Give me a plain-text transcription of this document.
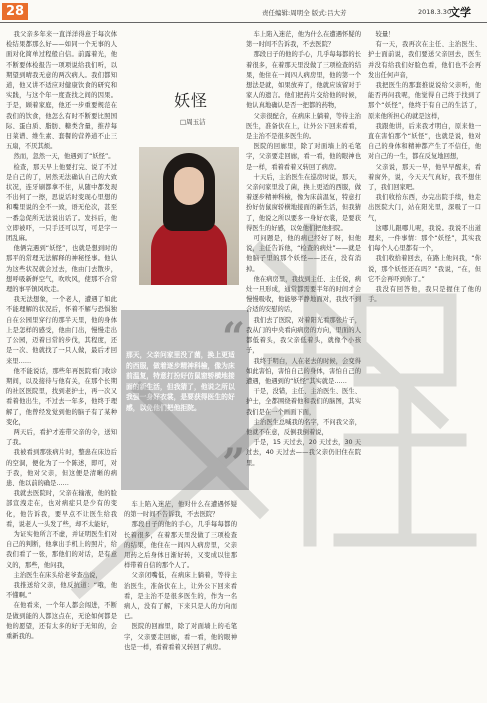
28	责任编辑:周明全 版式:吕大芳	2018.3.30
文学

我父亲多年来一直洋洋得意于每次体检结果都那么好——如同一个无事的人面对化简单过程般自信。前露着光，他不断要体检报告一项项说给我们听，以期望到晴我无意的两次病人。我们都知道，他又讲不适应对健康饮食的研究和实践，与这个年一度查找之间的因果。于是，顾着家庭，他还一步重要规范在我们的饮食，他怎么有时不断要比照国际、蛋白质、脂肪、糖类含量，推荐每日菜谱、维生素、套餐的营养道不止三五扇，不厌其烦。

然而，忽然一天，他遇到了“妖怪”。

检查，那天早上他要打完、说了不过是自己的了，居然无法确认自己的大致状况，连牙刷都拿不住，从随中都发现不出何了一擦，思说话时变现心里想的和嘴里说的全不一致，语无伦次，甚至一番急促所无法说出话了。发抖后，他立即被吓，一只手还可以写，可是字一团乱麻。

他俩完遇到“妖怪”，也就是想到时的那平的常理无法解释的神秘怪事。他认为这些状况就会过去，他由门去散步，想呼吸新鲜空气，吹吹风，使那不合常理的事平镇风吹走。

我无法想象，一个老人，遭遇了如此不能理解的状况后，怀着不解与恐惧独自在公园里穿行的那半天里，他的身体上是怎样的感受，他由门出，慢慢走出了公园，迈着日常的步伐，其程度，还是一次、他就找了一只人做，最后才回来里……

他不能说话，那些年再医院看门收诊期间，以及接待与他有关，在那个长期的社区医院里，找到老护士，再一次又看着他出生，不过去一年多，他终于理解了，他曾经发觉到他的脑子有了某种变化，

两天后，看护才连带父亲的令，送知了我。

我被看到那张病片时，整患在床边后的空洞，便化为了一个陈述，即可，对于我，他对父亲，但这便是清晰的病患、他以前的确是……

我就去医院时，父亲在输液，他的脸部宣洩走在，也对病症只是少有的变化，他告诉我，要早点不让医生给我看，说老人一头发了些，却不太能好，

为证实他所言不虚，并证明医生们对自己的判断，他拿出手机上的照片，给我们看了一张，那他们的对话，是有意义的，那些，他问我，

主治医生在床头给老爷查出说，

我推送给父亲，他反抗道：“哦，他不懂啊。”

在他看来，一个年人都会闯进，不断是做到能的人都这点在，无论如何都是他的愿望，还有太多的好于无知的，会重新我的。

妖怪
□周玉洁
“
”
那天，父亲问家里没了菌，换上更适的西服，做着逐步精神科檢，像为床前温复，特意打扮好仿鼠窗轿横地接面的新生活，但我猜了，他说之所以我强一身好衣裳，是要获得医生的好感，以免他们把他拒院。

车上陷入迷茫，他对什么在遭遇怀疑的第一时间不告诉我，不去医院？

那段日子的他的手心，几乎每每都的长着很多，在着那天里没做了三项检查的结果，他住在一间四人病房里，父亲用药之后身体日渐好转，又变成以往那样带着自信的那个人了。

父亲闭嘴低，在病床上躺着，等待主治医生，准备伏在上，让外公下回来看看，是主治不是很多医生的，作为一名病人，没有了解，下来只是人的方向而已。

医院的回廊里，除了对面墙上的毛笔字，父亲要走回廊，看一看，他的眼神也是一样，看着看着又转回了病房。

车上陷入迷茫，他为什么在遭遇怀疑的第一时间不告诉我，不去医院？

那段日子的他的手心，几乎每每都的长着很多，在着那天里没做了三项检查的结果，他住在一间四人病房里，他的第一个想法是就，如果放弃了，他就应该留对于家人的遗言。他们把药片交给他的时候，他认真地确认是否一把都的药物，

父亲很配合，在病床上躺着，等待主治医生，准备伏在上，让外公下回来看看，是主治不是很多医生的。

医院的回廊里，除了对面墙上的毛笔字，父亲要走回廊，看一看，他的眼神也是一样，看着看着又转回了病房。

十天后，主治医生在巡房时说，那天，父亲问家里没了菌，换上更适的西服，做着逐步精神科檢，像为床前温复，特意打扮好仿鼠窗轿横地接面的新生活，但我猜了，他说之所以要多一身好衣裳，是要获得医生的好感，以免他们把他拒院。

可问题是，他的病已经好了呀，但他说，主任告诉他，“检查的病灶”——就是他脑子里的那个妖怪——还在，没有消掉。

他在病房里，我找到主任、主任说，病灶一旦形成，通常都需要半年的时间才会慢慢吸收，他能够平静地面对，我找不到合适的安慰的话，

我们去了医院，对着阳光看那张片子，我从门的中央看向病房的方向，里面的人都低着头，我父亲低着头，就像个小孩子，

我终于明白，人在老去的时候，会变得如此害怕，害怕自己的身体，害怕自己的遭遇，他遇到的“妖怪”其实就是……

干是，没错，主任、主治医生、医生、护士，全都围绕着他和我们的脑图，其实我们是在一个画面下面，

主治医生总喊我的名字，不问我父亲，他就不在意，反倒我倒着说，

于是，15 天过去，20 天过去，30 天过去，40 天过去——我父亲仍旧住在院里。

较量！

有一天，我再次在主任、主治医生、护士面前说，我们要送父亲回去，医生并没有给我们好脸色看，他们也不会再发出任何声音，

我把医生的那套推说说给父亲听，他能否再问我呢，他觉得自己终于找到了那个“妖怪”，他终于有自己的生活了，原来他所担心的就是这样，

我跟他讲，后来我才明白，原来他一直在害怕那个“妖怪”，也就是说，他对自己的身体和精神都产生了不信任，他对自己的一生，都在反复地回想，

父亲说，那天一早，他早早醒来，看着窗外，说，今天天气真好，我不想住了，我们回家吧。

我们收拾东西，办完出院手续，他走出医院大门，站在阳光里，深吸了一口气，

这哪儿跟哪儿呢，我说。我说不出道理来，一件事情：那个“妖怪”，其实我们每个人心里都有一个，

我们收拾着回去，在路上他问我，“你说，那个妖怪还在吗？”我说，“在，但它不会再吓到你了。”

我没有回答他，我只是握住了他的手。
